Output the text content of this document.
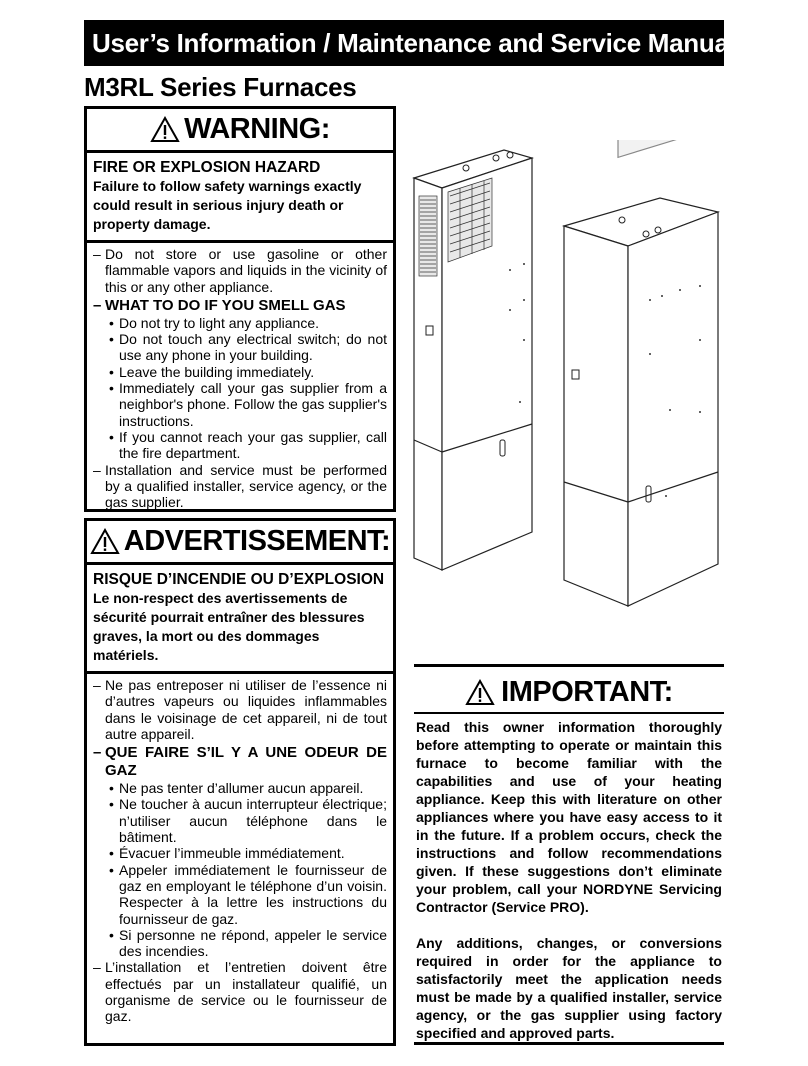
User’s Information / Maintenance and Service Manual
M3RL Series Furnaces
WARNING:
FIRE OR EXPLOSION HAZARD
Failure to follow safety warnings exactly could result in serious injury death or property damage.
– Do not store or use gasoline or other flammable vapors and liquids in the vicinity of this or any other appliance.
– WHAT TO DO IF YOU SMELL GAS
• Do not try to light any appliance.
• Do not touch any electrical switch; do not use any phone in your building.
• Leave the building immediately.
• Immediately call your gas supplier from a neighbor's phone. Follow the gas supplier's instructions.
• If you cannot reach your gas supplier, call the fire department.
– Installation and service must be performed by a qualified installer, service agency, or the gas supplier.
ADVERTISSEMENT:
RISQUE D’INCENDIE OU D’EXPLOSION
Le non-respect des avertissements de sécurité pourrait entraîner des blessures graves, la mort ou des dommages matériels.
– Ne pas entreposer ni utiliser de l’essence ni d’autres vapeurs ou liquides inflammables dans le voisinage de cet appareil, ni de tout autre appareil.
– QUE FAIRE S’IL Y A UNE ODEUR DE GAZ
• Ne pas tenter d’allumer aucun appareil.
• Ne toucher à aucun interrupteur électrique; n’utiliser aucun téléphone dans le bâtiment.
• Évacuer l’immeuble immédiatement.
• Appeler immédiatement le fournisseur de gaz en employant le téléphone d’un voisin. Respecter à la lettre les instructions du fournisseur de gaz.
• Si personne ne répond, appeler le service des incendies.
– L’installation et l’entretien doivent être effectués par un installateur qualifié, un organisme de service ou le fournisseur de gaz.
IMPORTANT:

Read this owner information thoroughly before attempting to operate or maintain this furnace to become familiar with the capabilities and use of your heating appliance. Keep this with literature on other appliances where you have easy access to it in the future. If a problem occurs, check the instructions and follow recommendations given. If these suggestions don’t eliminate your problem, call your NORDYNE Servicing Contractor (Service PRO).

Any additions, changes, or conversions required in order for the appliance to satisfactorily meet the application needs must be made by a qualified installer, service agency, or the gas supplier using factory specified and approved parts.
